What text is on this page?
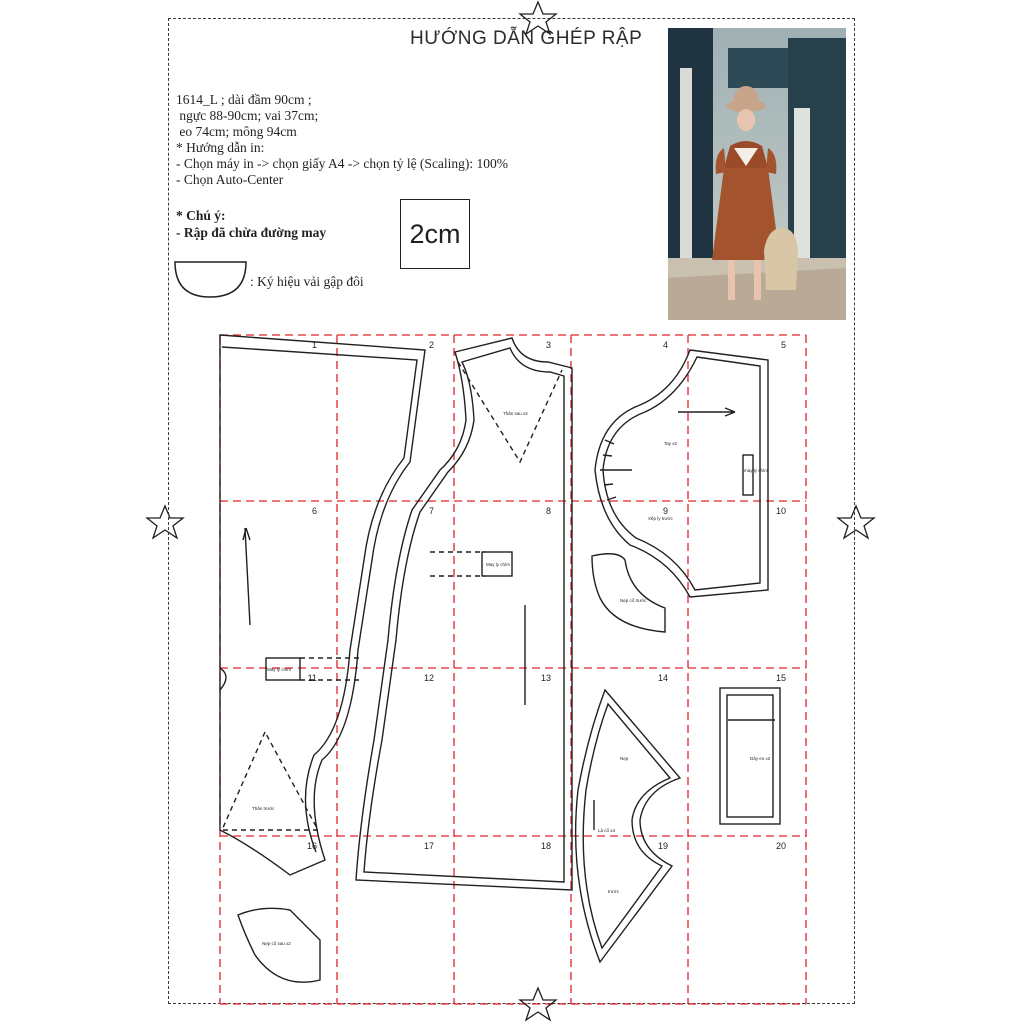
HƯỚNG DẪN GHÉP RẬP
1614_L ; dài đầm 90cm ;
ngực 88-90cm; vai 37cm;
eo 74cm; mông 94cm
* Hướng dẫn in:
- Chọn máy in -> chọn giấy A4 -> chọn tỷ lệ (Scaling): 100%
- Chọn Auto-Center
* Chú ý:
- Rập đã chừa đường may	2cm
: Ký hiệu vải gập đôi
1	2	3	4	5
6	7	8	9	10
11	12	13	14	15
16	17	18	19	20
Thân sau x2
May ly chìm
May ly chìm
Thân trước
Tay x2
may ly chìm
Xếp ly trước
Nẹp cổ trước
Nẹp
Lá cổ x4
trước
Dây eo x2
Nẹp cổ sau x2
